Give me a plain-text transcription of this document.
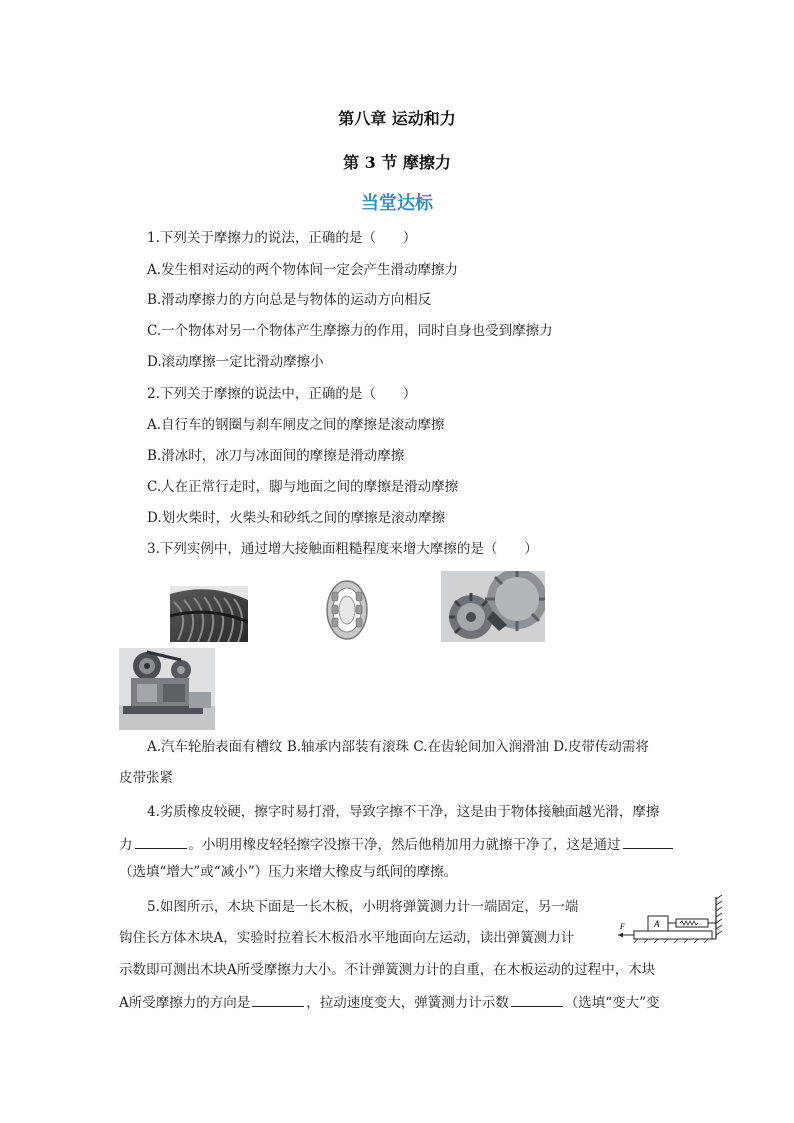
第八章 运动和力
第 3 节 摩擦力
当堂达标
1.下列关于摩擦力的说法，正确的是（　　）
A.发生相对运动的两个物体间一定会产生滑动摩擦力
B.滑动摩擦力的方向总是与物体的运动方向相反
C.一个物体对另一个物体产生摩擦力的作用，同时自身也受到摩擦力
D.滚动摩擦一定比滑动摩擦小
2.下列关于摩擦的说法中，正确的是（　　）
A.自行车的钢圈与刹车闸皮之间的摩擦是滚动摩擦
B.滑冰时，冰刀与冰面间的摩擦是滑动摩擦
C.人在正常行走时，脚与地面之间的摩擦是滑动摩擦
D.划火柴时，火柴头和砂纸之间的摩擦是滚动摩擦
3.下列实例中，通过增大接触面粗糙程度来增大摩擦的是（　　）
A.汽车轮胎表面有槽纹 B.轴承内部装有滚珠 C.在齿轮间加入润滑油 D.皮带传动需将
皮带张紧
4.劣质橡皮较硬，擦字时易打滑，导致字擦不干净，这是由于物体接触面越光滑，摩擦
力	。小明用橡皮轻轻擦字没擦干净，然后他稍加用力就擦干净了，这是通过
（选填“增大”或“减小”）压力来增大橡皮与纸间的摩擦。
5.如图所示，木块下面是一长木板，小明将弹簧测力计一端固定，另一端
钩住长方体木块A，实验时拉着长木板沿水平地面向左运动，读出弹簧测力计
示数即可测出木块A所受摩擦力大小。不计弹簧测力计的自重，在木板运动的过程中，木块
A所受摩擦力的方向是	，拉动速度变大，弹簧测力计示数	（选填“变大”变
F	A
